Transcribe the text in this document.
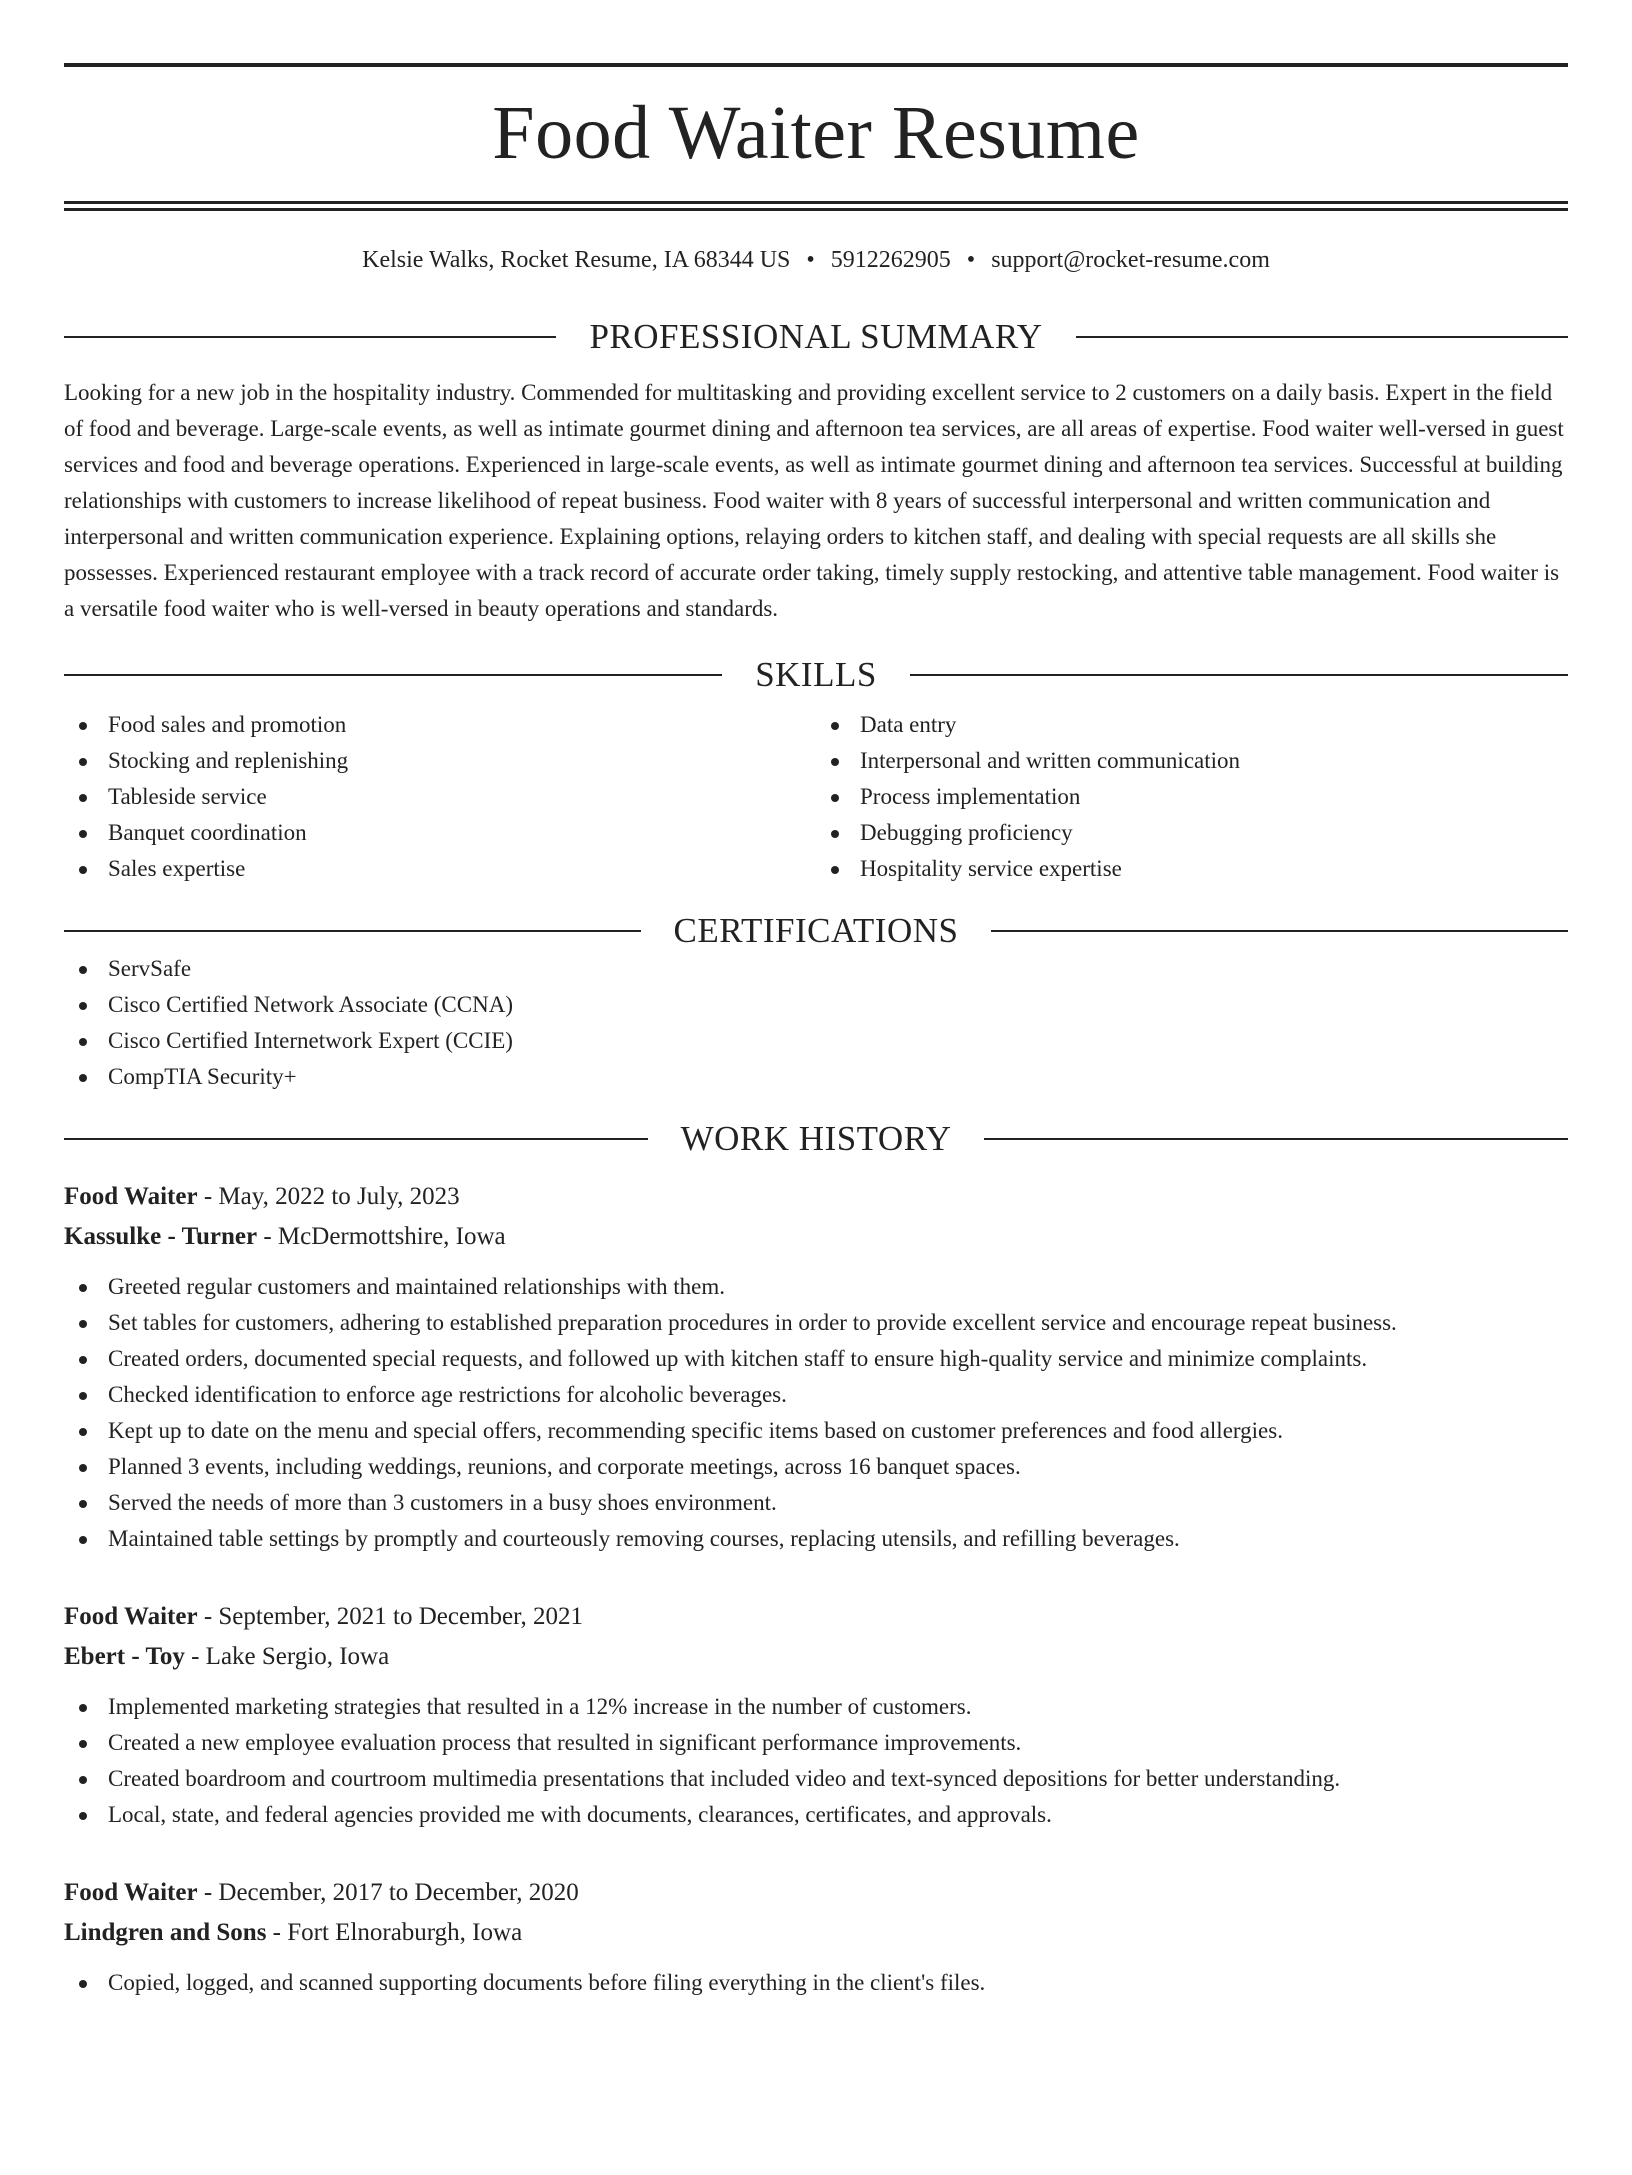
Food Waiter Resume
Kelsie Walks, Rocket Resume, IA 68344 US • 5912262905 • support@rocket-resume.com
PROFESSIONAL SUMMARY
Looking for a new job in the hospitality industry. Commended for multitasking and providing excellent service to 2 customers on a daily basis. Expert in the field of food and beverage. Large-scale events, as well as intimate gourmet dining and afternoon tea services, are all areas of expertise. Food waiter well-versed in guest services and food and beverage operations. Experienced in large-scale events, as well as intimate gourmet dining and afternoon tea services. Successful at building relationships with customers to increase likelihood of repeat business. Food waiter with 8 years of successful interpersonal and written communication and interpersonal and written communication experience. Explaining options, relaying orders to kitchen staff, and dealing with special requests are all skills she possesses. Experienced restaurant employee with a track record of accurate order taking, timely supply restocking, and attentive table management. Food waiter is a versatile food waiter who is well-versed in beauty operations and standards.
SKILLS
Food sales and promotion
Stocking and replenishing
Tableside service
Banquet coordination
Sales expertise
Data entry
Interpersonal and written communication
Process implementation
Debugging proficiency
Hospitality service expertise
CERTIFICATIONS
ServSafe
Cisco Certified Network Associate (CCNA)
Cisco Certified Internetwork Expert (CCIE)
CompTIA Security+
WORK HISTORY
Food Waiter - May, 2022 to July, 2023
Kassulke - Turner - McDermottshire, Iowa
Greeted regular customers and maintained relationships with them.
Set tables for customers, adhering to established preparation procedures in order to provide excellent service and encourage repeat business.
Created orders, documented special requests, and followed up with kitchen staff to ensure high-quality service and minimize complaints.
Checked identification to enforce age restrictions for alcoholic beverages.
Kept up to date on the menu and special offers, recommending specific items based on customer preferences and food allergies.
Planned 3 events, including weddings, reunions, and corporate meetings, across 16 banquet spaces.
Served the needs of more than 3 customers in a busy shoes environment.
Maintained table settings by promptly and courteously removing courses, replacing utensils, and refilling beverages.
Food Waiter - September, 2021 to December, 2021
Ebert - Toy - Lake Sergio, Iowa
Implemented marketing strategies that resulted in a 12% increase in the number of customers.
Created a new employee evaluation process that resulted in significant performance improvements.
Created boardroom and courtroom multimedia presentations that included video and text-synced depositions for better understanding.
Local, state, and federal agencies provided me with documents, clearances, certificates, and approvals.
Food Waiter - December, 2017 to December, 2020
Lindgren and Sons - Fort Elnoraburgh, Iowa
Copied, logged, and scanned supporting documents before filing everything in the client's files.
